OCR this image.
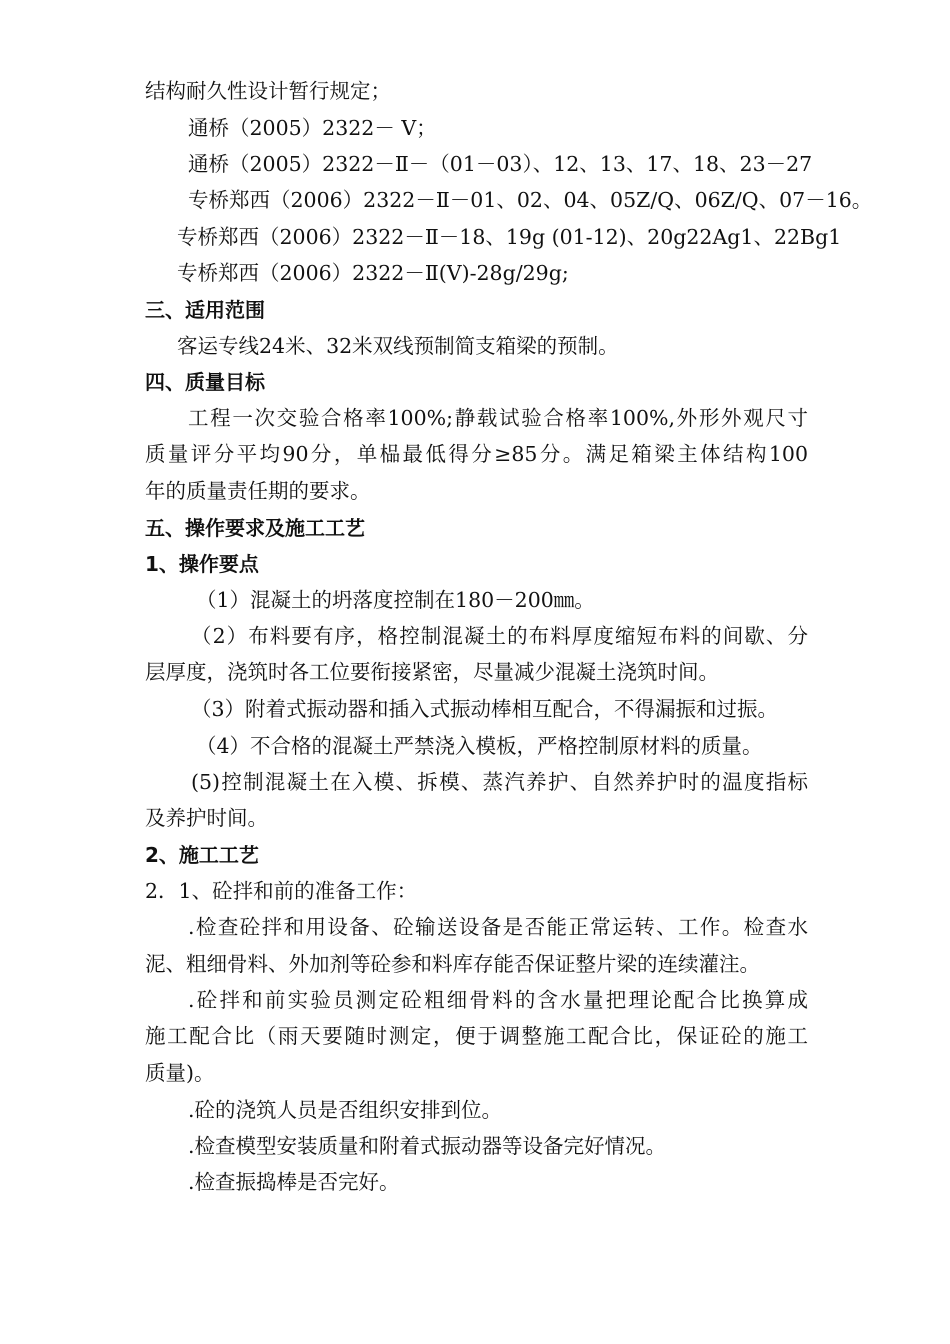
结构耐久性设计暂行规定；
通桥（2005）2322－ Ⅴ；
通桥（2005）2322－Ⅱ－（01－03）、12、13、17、18、23－27
专桥郑西（2006）2322－Ⅱ－01、02、04、05Z/Q、06Z/Q、07－16。
专桥郑西（2006）2322－Ⅱ－18、19g (01-12)、20g22Ag1、22Bg1
专桥郑西（2006）2322－Ⅱ(Ⅴ)-28g/29g;
三、适用范围
客运专线24米、32米双线预制简支箱梁的预制。
四、质量目标
工程一次交验合格率100%;静载试验合格率100%,外形外观尺寸
质量评分平均90分，单榀最低得分≥85分。满足箱梁主体结构100
年的质量责任期的要求。
五、操作要求及施工工艺
1、操作要点
（1）混凝土的坍落度控制在180－200㎜。
（2）布料要有序，格控制混凝土的布料厚度缩短布料的间歇、分
层厚度，浇筑时各工位要衔接紧密，尽量减少混凝土浇筑时间。
（3）附着式振动器和插入式振动棒相互配合，不得漏振和过振。
（4）不合格的混凝土严禁浇入模板，严格控制原材料的质量。
(5)控制混凝土在入模、拆模、蒸汽养护、自然养护时的温度指标
及养护时间。
2、施工工艺
2．1、砼拌和前的准备工作：
.检查砼拌和用设备、砼输送设备是否能正常运转、工作。检查水
泥、粗细骨料、外加剂等砼参和料库存能否保证整片梁的连续灌注。
.砼拌和前实验员测定砼粗细骨料的含水量把理论配合比换算成
施工配合比（雨天要随时测定，便于调整施工配合比，保证砼的施工
质量)。
.砼的浇筑人员是否组织安排到位。
.检查模型安装质量和附着式振动器等设备完好情况。
.检查振捣棒是否完好。
